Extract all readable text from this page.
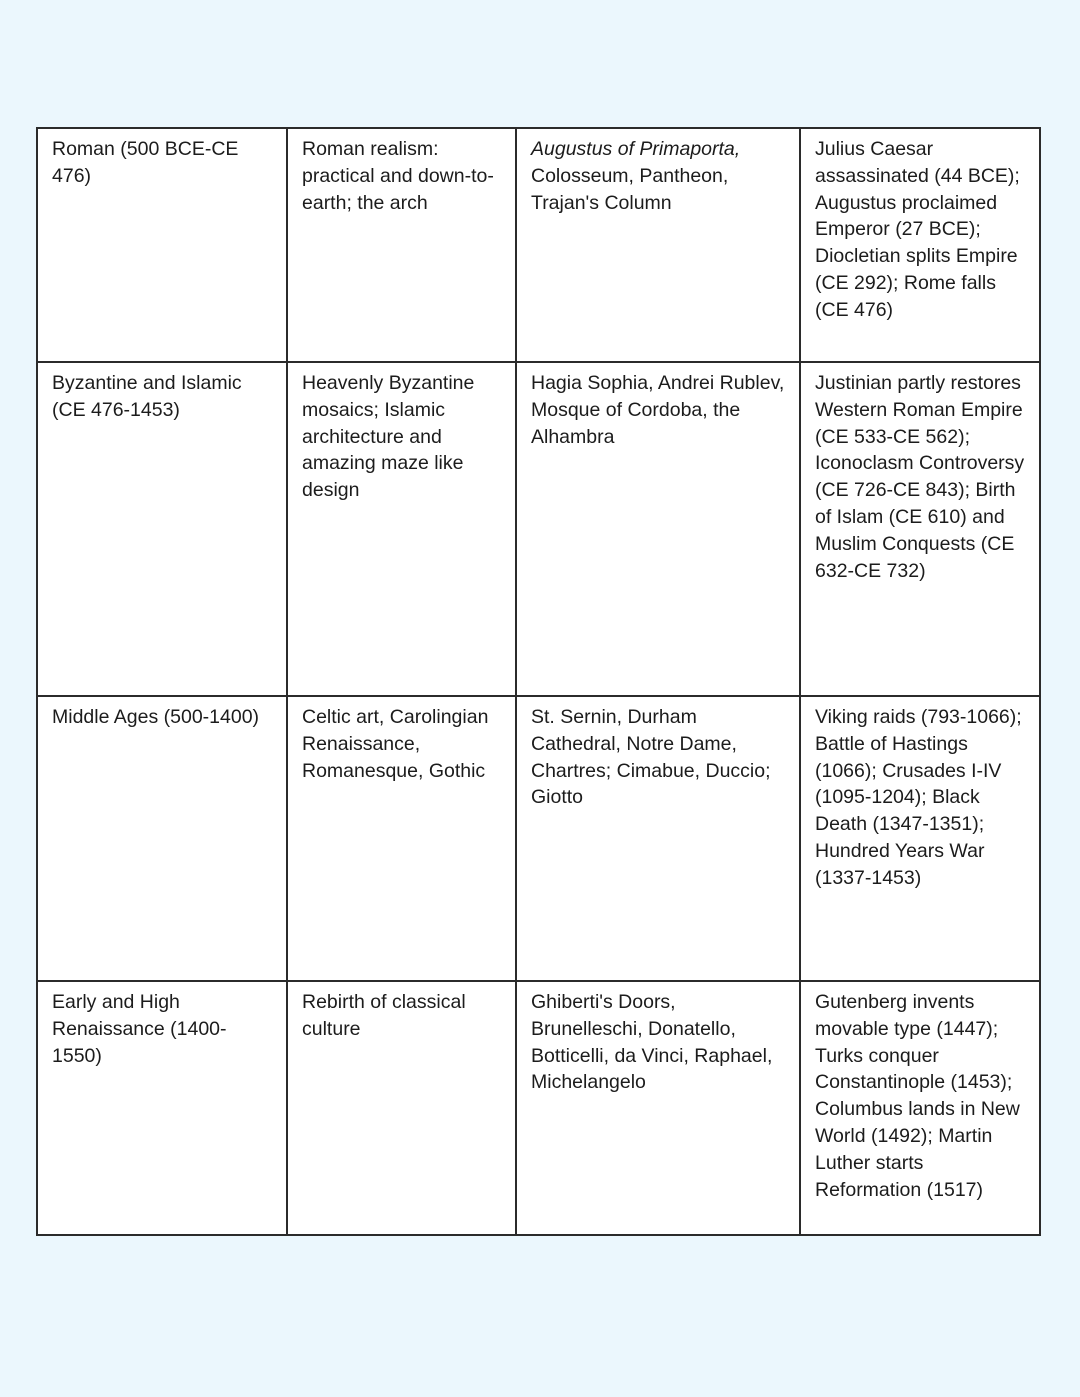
Roman (500 BCE-CE 476)	Roman realism: practical and down-to-earth; the arch	Augustus of Primaporta, Colosseum, Pantheon, Trajan's Column	Julius Caesar assassinated (44 BCE); Augustus proclaimed Emperor (27 BCE); Diocletian splits Empire (CE 292); Rome falls (CE 476)
Byzantine and Islamic (CE 476-1453)	Heavenly Byzantine mosaics; Islamic architecture and amazing maze like design	Hagia Sophia, Andrei Rublev, Mosque of Cordoba, the Alhambra	Justinian partly restores Western Roman Empire (CE 533-CE 562); Iconoclasm Controversy (CE 726-CE 843); Birth of Islam (CE 610) and Muslim Conquests (CE 632-CE 732)
Middle Ages (500-1400)	Celtic art, Carolingian Renaissance, Romanesque, Gothic	St. Sernin, Durham Cathedral, Notre Dame, Chartres; Cimabue, Duccio; Giotto	Viking raids (793-1066); Battle of Hastings (1066); Crusades I-IV (1095-1204); Black Death (1347-1351); Hundred Years War (1337-1453)
Early and High Renaissance (1400-1550)	Rebirth of classical culture	Ghiberti's Doors, Brunelleschi, Donatello, Botticelli, da Vinci, Raphael, Michelangelo	Gutenberg invents movable type (1447); Turks conquer Constantinople (1453); Columbus lands in New World (1492); Martin Luther starts Reformation (1517)
